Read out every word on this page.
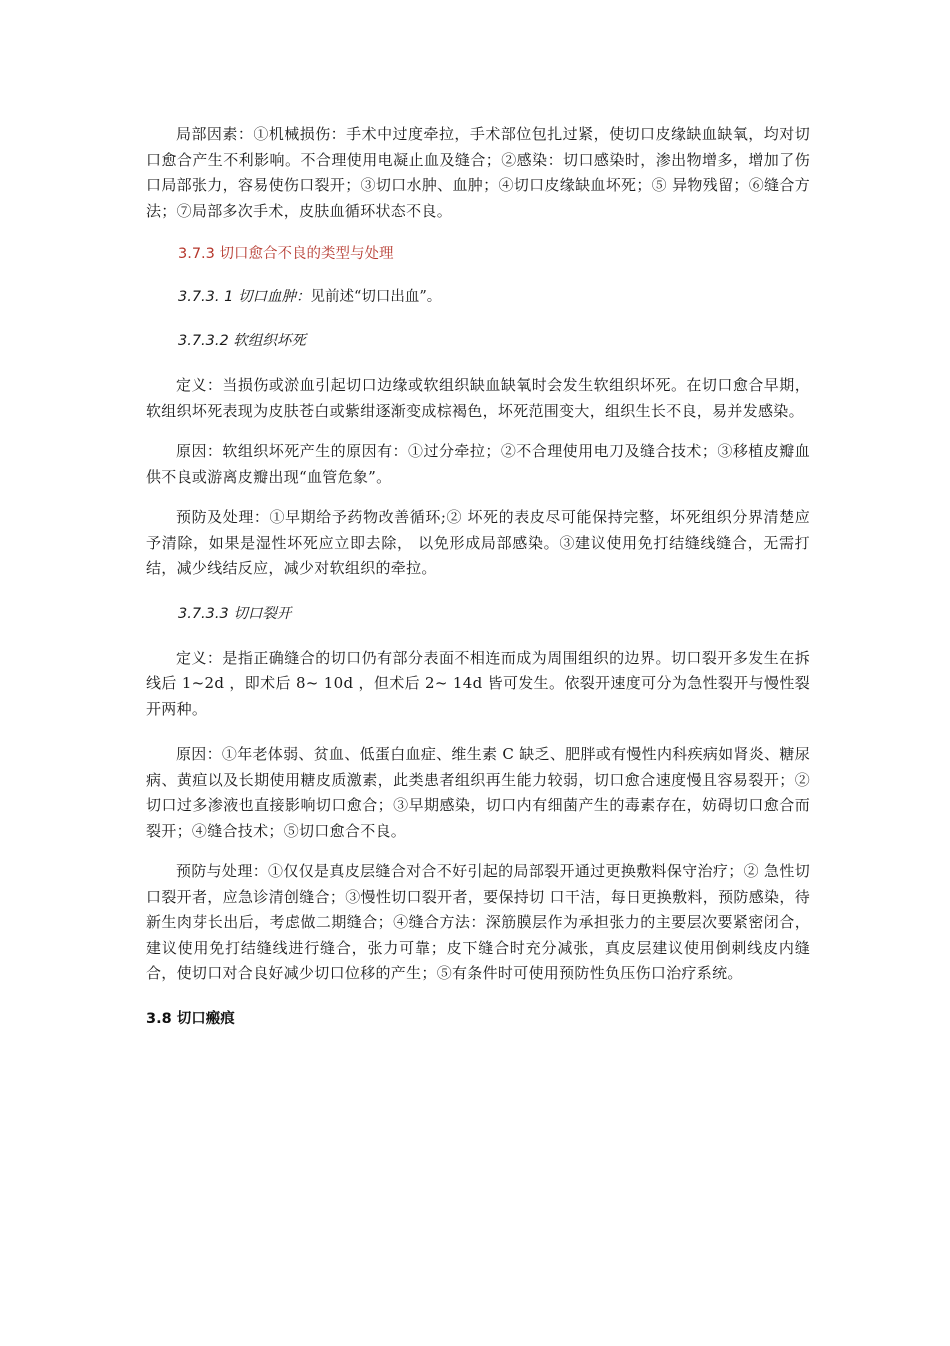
局部因素：①机械损伤：手术中过度牵拉，手术部位包扎过紧，使切口皮缘缺血缺氧，均对切口愈合产生不利影响。不合理使用电凝止血及缝合；②感染：切口感染时，渗出物增多，增加了伤口局部张力，容易使伤口裂开；③切口水肿、血肿；④切口皮缘缺血坏死；⑤ 异物残留；⑥缝合方法；⑦局部多次手术，皮肤血循环状态不良。

3.7.3 切口愈合不良的类型与处理

3.7.3. 1 切口血肿：见前述“切口出血”。

3.7.3.2 软组织坏死

定义：当损伤或淤血引起切口边缘或软组织缺血缺氧时会发生软组织坏死。在切口愈合早期，软组织坏死表现为皮肤苍白或紫绀逐渐变成棕褐色，坏死范围变大，组织生长不良，易并发感染。

原因：软组织坏死产生的原因有：①过分牵拉；②不合理使用电刀及缝合技术；③移植皮瓣血供不良或游离皮瓣出现“血管危象”。

预防及处理：①早期给予药物改善循环;② 坏死的表皮尽可能保持完整，坏死组织分界清楚应予清除，如果是湿性坏死应立即去除， 以免形成局部感染。③建议使用免打结缝线缝合，无需打结，减少线结反应，减少对软组织的牵拉。

3.7.3.3 切口裂开

定义：是指正确缝合的切口仍有部分表面不相连而成为周围组织的边界。切口裂开多发生在拆线后 1~2d ，即术后 8~ 10d ，但术后 2~ 14d 皆可发生。依裂开速度可分为急性裂开与慢性裂开两种。

原因：①年老体弱、贫血、低蛋白血症、维生素 C 缺乏、肥胖或有慢性内科疾病如肾炎、糖尿病、黄疸以及长期使用糖皮质激素，此类患者组织再生能力较弱，切口愈合速度慢且容易裂开；②切口过多渗液也直接影响切口愈合；③早期感染，切口内有细菌产生的毒素存在，妨碍切口愈合而裂开；④缝合技术；⑤切口愈合不良。

预防与处理：①仅仅是真皮层缝合对合不好引起的局部裂开通过更换敷料保守治疗；② 急性切口裂开者，应急诊清创缝合；③慢性切口裂开者，要保持切 口干洁，每日更换敷料，预防感染，待新生肉芽长出后，考虑做二期缝合；④缝合方法：深筋膜层作为承担张力的主要层次要紧密闭合，建议使用免打结缝线进行缝合，张力可靠；皮下缝合时充分减张，真皮层建议使用倒刺线皮内缝合，使切口对合良好减少切口位移的产生；⑤有条件时可使用预防性负压伤口治疗系统。

3.8 切口瘢痕
